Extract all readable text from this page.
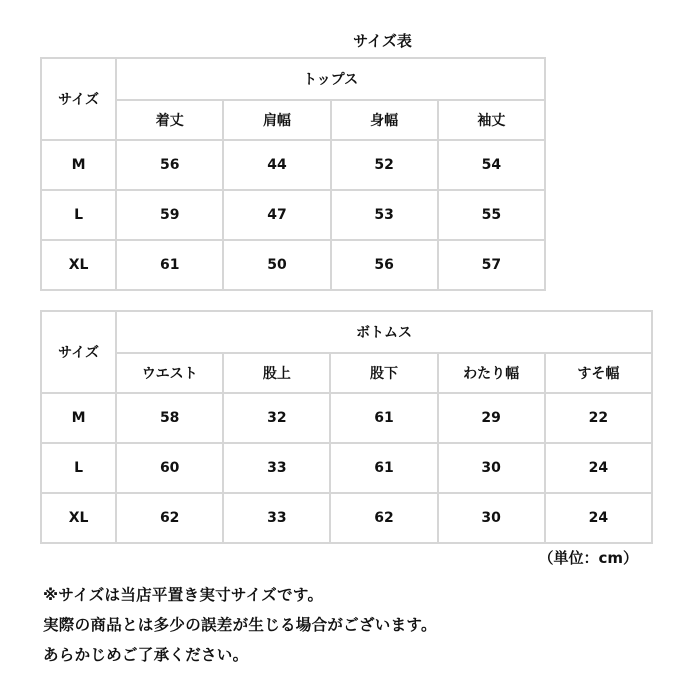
サイズ表
サイズ	トップス			
	着丈	肩幅	身幅	袖丈
M	56	44	52	54
L	59	47	53	55
XL	61	50	56	57
サイズ	ボトムス				
	ウエスト	股上	股下	わたり幅	すそ幅
M	58	32	61	29	22
L	60	33	61	30	24
XL	62	33	62	30	24
（単位：cm）

※サイズは当店平置き実寸サイズです。

実際の商品とは多少の誤差が生じる場合がございます。

あらかじめご了承ください。
